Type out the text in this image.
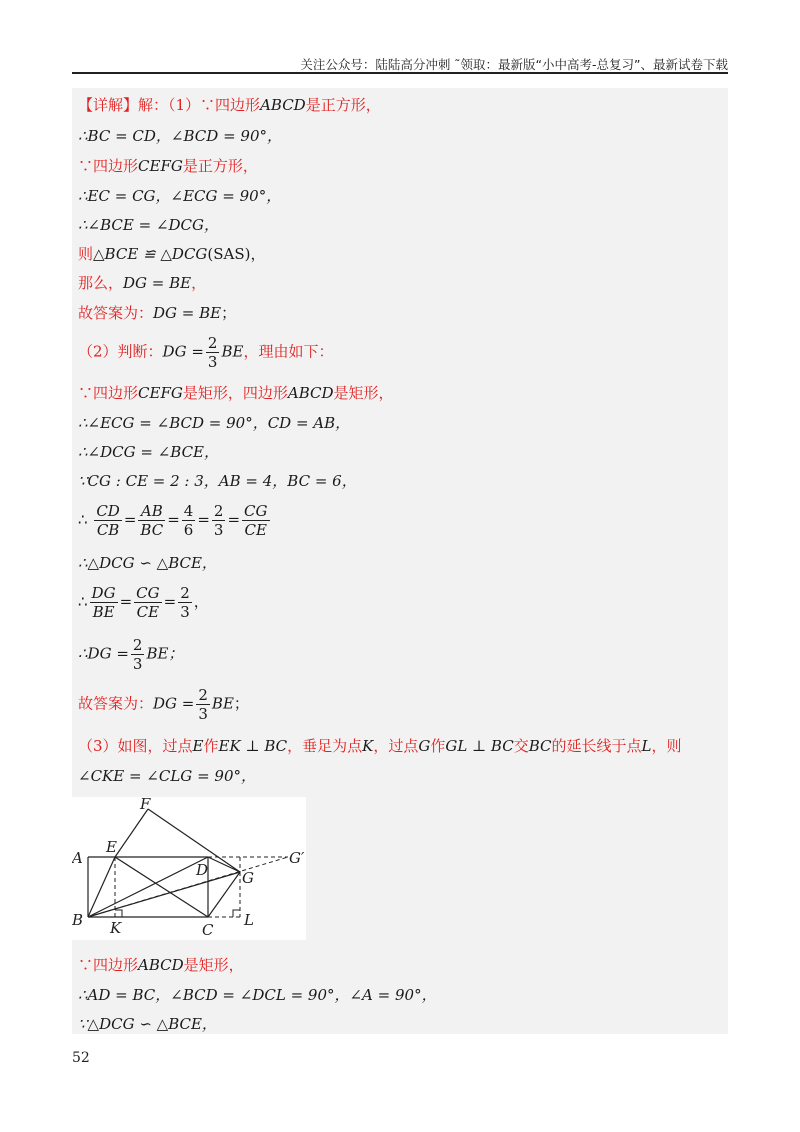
关注公众号：陆陆高分冲刺 ˜领取：最新版“小中高考-总复习”、最新试卷下载
【详解】解：（1）∵四边形ABCD是正方形，
∴BC = CD，∠BCD = 90°，
∵四边形CEFG是正方形，
∴EC = CG，∠ECG = 90°，
∴∠BCE = ∠DCG，
则△BCE ≌ △DCG(SAS)，
那么，DG = BE，
故答案为：DG = BE；
（2）判断：DG = $\frac{2}{3}$ BE，理由如下：
∵四边形CEFG是矩形，四边形ABCD是矩形，
∴∠ECG = ∠BCD = 90°，CD = AB，
∴∠DCG = ∠BCE，
∵CG : CE = 2 : 3，AB = 4，BC = 6，
∴ $\frac{CD}{CB} = \frac{AB}{BC} = \frac{4}{6} = \frac{2}{3} = \frac{CG}{CE}$
∴△DCG ∽ △BCE，
∴ $\frac{DG}{BE} = \frac{CG}{CE} = \frac{2}{3}$ ，
∴DG = $\frac{2}{3}$ BE；
故答案为：DG = $\frac{2}{3}$ BE；
（3）如图，过点E作EK ⊥ BC，垂足为点K，过点G作GL ⊥ BC交BC的延长线于点L，则
∠CKE = ∠CLG = 90°，
A
B
C
D
E
F
G
G′
K	L
∵四边形ABCD是矩形，
∴AD = BC，∠BCD = ∠DCL = 90°，∠A = 90°，
∵△DCG ∽ △BCE，
52
